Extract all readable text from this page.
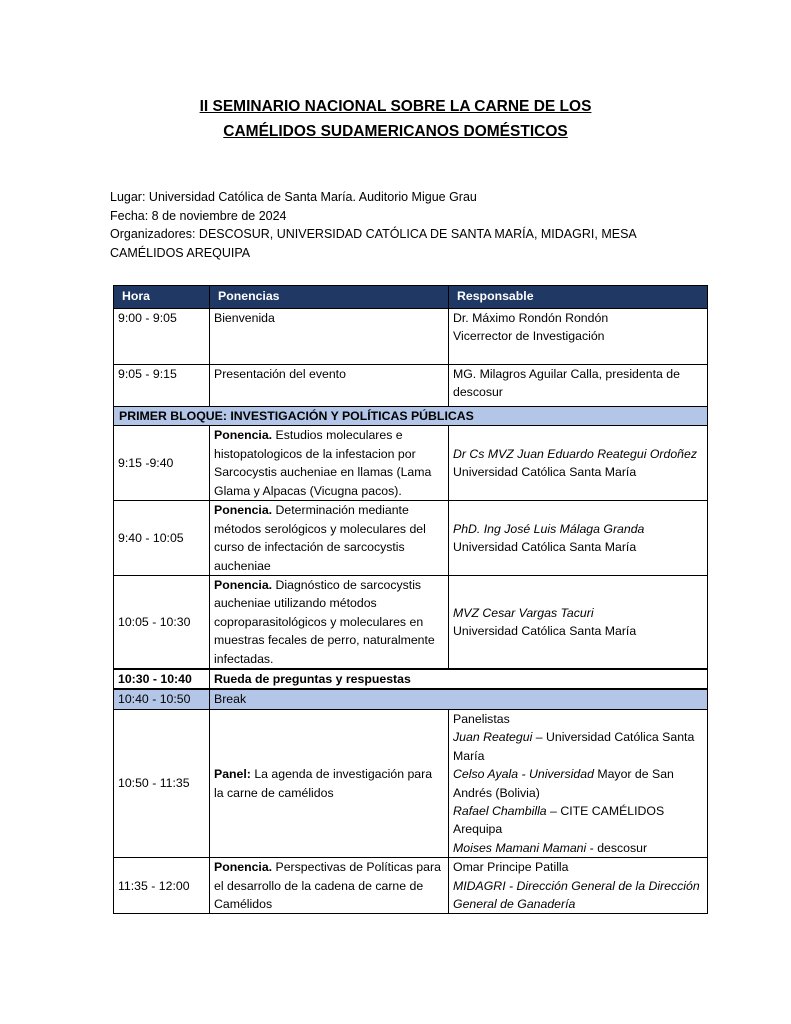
II SEMINARIO NACIONAL SOBRE LA CARNE DE LOS
CAMÉLIDOS SUDAMERICANOS DOMÉSTICOS
Lugar: Universidad Católica de Santa María. Auditorio Migue Grau
Fecha: 8 de noviembre de 2024
Organizadores: DESCOSUR, UNIVERSIDAD CATÓLICA DE SANTA MARÍA, MIDAGRI, MESA CAMÉLIDOS AREQUIPA
Hora	Ponencias	Responsable
9:00 - 9:05	Bienvenida	Dr. Máximo Rondón Rondón
Vicerrector de Investigación

9:05 - 9:15	Presentación del evento	MG. Milagros Aguilar Calla, presidenta de descosur
PRIMER BLOQUE: INVESTIGACIÓN Y POLÍTICAS PÚBLICAS		
9:15 -9:40	Ponencia. Estudios moleculares e histopatologicos de la infestacion por Sarcocystis aucheniae en llamas (Lama Glama y Alpacas (Vicugna pacos).	Dr Cs MVZ Juan Eduardo Reategui Ordoñez
Universidad Católica Santa María

9:40 - 10:05	Ponencia. Determinación mediante métodos serológicos y moleculares del curso de infectación de sarcocystis aucheniae	PhD. Ing José Luis Málaga Granda
Universidad Católica Santa María

10:05 - 10:30	Ponencia. Diagnóstico de sarcocystis aucheniae utilizando métodos coproparasitológicos y moleculares en muestras fecales de perro, naturalmente infectadas.	MVZ Cesar Vargas Tacuri
Universidad Católica Santa María

10:30 - 10:40	Rueda de preguntas y respuestas	
10:40 - 10:50	Break	
10:50 - 11:35	Panel: La agenda de investigación para la carne de camélidos	Panelistas
Juan Reategui – Universidad Católica Santa María
Celso Ayala - Universidad Mayor de San Andrés (Bolivia)
Rafael Chambilla – CITE CAMÉLIDOS Arequipa
Moises Mamani Mamani - descosur

11:35 - 12:00	Ponencia. Perspectivas de Políticas para el desarrollo de la cadena de carne de Camélidos	Omar Principe Patilla
MIDAGRI - Dirección General de la Dirección General de Ganadería
